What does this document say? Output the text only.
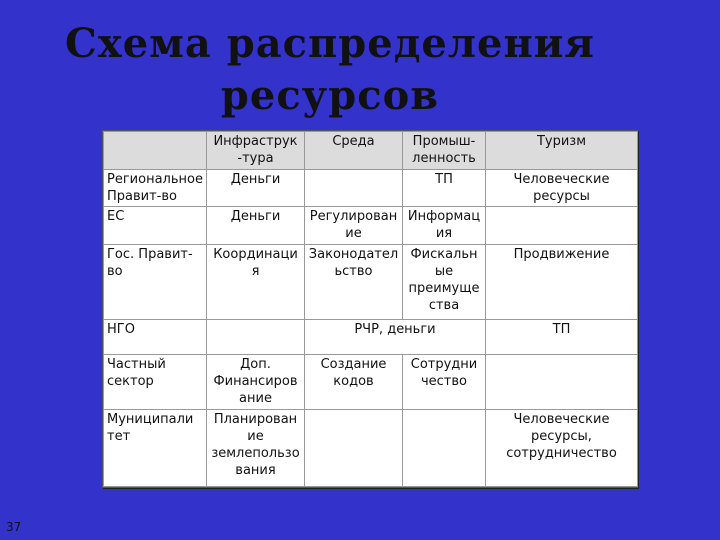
Схема распределения
ресурсов
	Инфраструк -тура	Среда	Промыш- ленность	Туризм
Региональное Правит-во	Деньги		ТП	Человеческие ресурсы
ЕС	Деньги	Регулирован ие	Информац ия	
Гос. Правит-во	Координаци я	Законодател ьство	Фискальн ые преимуще ства	Продвижение
НГО		РЧР, деньги		ТП
Частный сектор	Доп. Финансиров ание	Создание кодов	Сотрудни чество	
Муниципали тет	Планирован ие землепользо вания			Человеческие ресурсы, сотрудничество
37
